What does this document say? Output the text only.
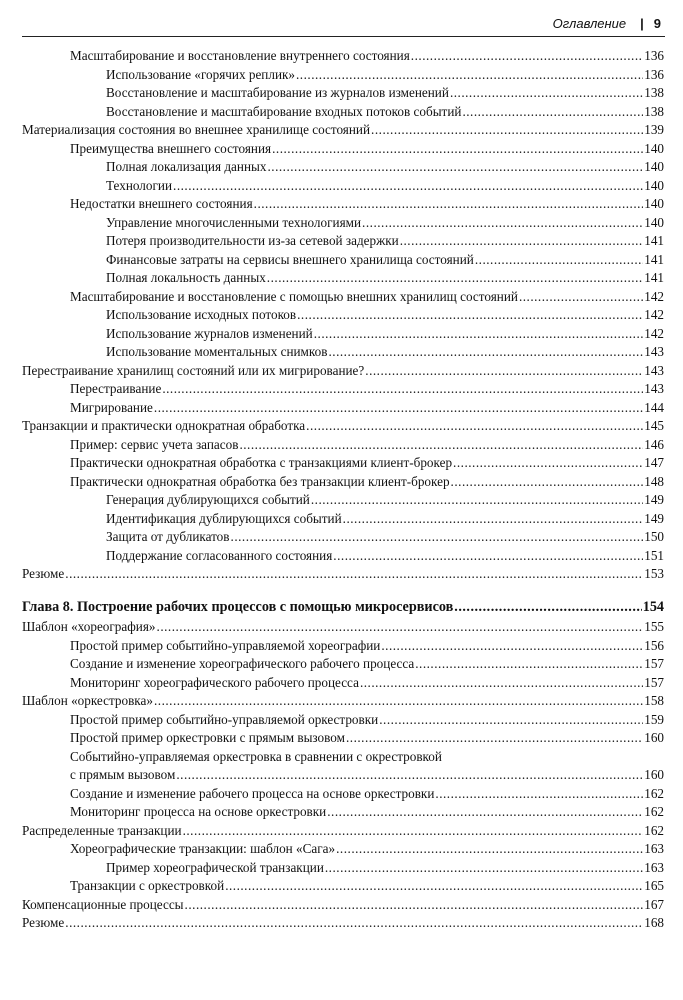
Оглавление | 9
Масштабирование и восстановление внутреннего состояния .....	136
Использование «горячих реплик» .....	136
Восстановление и масштабирование из журналов изменений .....	138
Восстановление и масштабирование входных потоков событий .....	138
Материализация состояния во внешнее хранилище состояний .....	139
Преимущества внешнего состояния .....	140
Полная локализация данных .....	140
Технологии .....	140
Недостатки внешнего состояния .....	140
Управление многочисленными технологиями .....	140
Потеря производительности из-за сетевой задержки .....	141
Финансовые затраты на сервисы внешнего хранилища состояний .....	141
Полная локальность данных .....	141
Масштабирование и восстановление с помощью внешних хранилищ состояний .....	142
Использование исходных потоков .....	142
Использование журналов изменений .....	142
Использование моментальных снимков .....	143
Перестраивание хранилищ состояний или их мигрирование? .....	143
Перестраивание .....	143
Мигрирование .....	144
Транзакции и практически однократная обработка .....	145
Пример: сервис учета запасов .....	146
Практически однократная обработка с транзакциями клиент-брокер .....	147
Практически однократная обработка без транзакции клиент-брокер .....	148
Генерация дублирующихся событий .....	149
Идентификация дублирующихся событий .....	149
Защита от дубликатов .....	150
Поддержание согласованного состояния .....	151
Резюме .....	153
Глава 8. Построение рабочих процессов с помощью микросервисов .....	154
Шаблон «хореография» .....	155
Простой пример событийно-управляемой хореографии .....	156
Создание и изменение хореографического рабочего процесса .....	157
Мониторинг хореографического рабочего процесса .....	157
Шаблон «оркестровка» .....	158
Простой пример событийно-управляемой оркестровки .....	159
Простой пример оркестровки с прямым вызовом .....	160
Событийно-управляемая оркестровка в сравнении с окрестровкой
с прямым вызовом .....	160
Создание и изменение рабочего процесса на основе оркестровки .....	162
Мониторинг процесса на основе оркестровки .....	162
Распределенные транзакции .....	162
Хореографические транзакции: шаблон «Сага» .....	163
Пример хореографической транзакции .....	163
Транзакции с оркестровкой .....	165
Компенсационные процессы .....	167
Резюме .....	168
